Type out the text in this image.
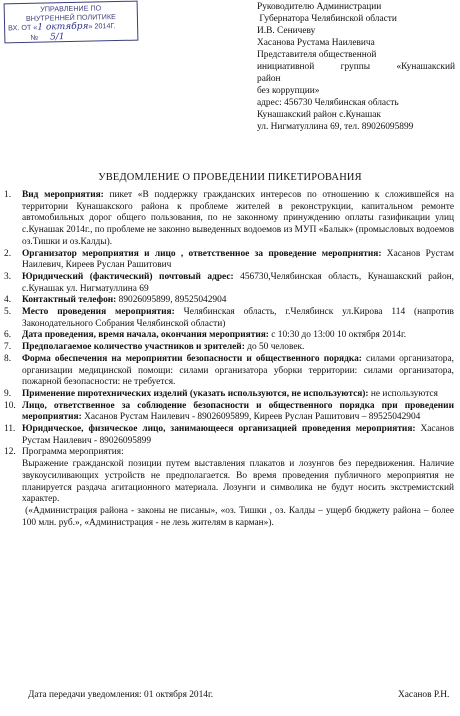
УПРАВЛЕНИЕ ПО
ВНУТРЕННЕЙ ПОЛИТИКЕ
ВХ. ОТ «1 октября» 2014Г.
№ 5/1
Руководителю Администрации
Губернатора Челябинской области
И.В. Сеничеву
Хасанова Рустама Наилевича
Представителя общественной
инициативной группы «Кунашакский
район
без коррупции»
адрес: 456730 Челябинская область
Кунашакский район с.Кунашак
ул. Нигматуллина 69, тел. 89026095899
УВЕДОМЛЕНИЕ О ПРОВЕДЕНИИ ПИКЕТИРОВАНИЯ
1. Вид мероприятия: пикет «В поддержку гражданских интересов по отношению к сложившейся на территории Кунашакского района к проблеме жителей в реконструкции, капитальном ремонте автомобильных дорог общего пользования, по не законному принуждению оплаты газификации улиц с.Кунашак 2014г., по проблеме не законно выведенных водоемов из МУП «Балык» (промысловых водоемов оз.Тишки и оз.Калды).
2. Организатор мероприятия и лицо , ответственное за проведение мероприятия: Хасанов Рустам Наилевич, Киреев Руслан Рашитович
3. Юридический (фактический) почтовый адрес: 456730,Челябинская область, Кунашакский район, с.Кунашак ул. Нигматуллина 69
4. Контактный телефон: 89026095899, 89525042904
5. Место проведения мероприятия: Челябинская область, г.Челябинск ул.Кирова 114 (напротив Законодательного Собрания Челябинской области)
6. Дата проведения, время начала, окончания мероприятия: с 10:30 до 13:00 10 октября 2014г.
7. Предполагаемое количество участников и зрителей: до 50 человек.
8. Форма обеспечения на мероприятии безопасности и общественного порядка: силами организатора, организации медицинской помощи: силами организатора уборки территории: силами организатора, пожарной безопасности: не требуется.
9. Применение пиротехнических изделий (указать используются, не используются): не используются
10. Лицо, ответственное за соблюдение безопасности и общественного порядка при проведении мероприятия: Хасанов Рустам Наилевич - 89026095899, Киреев Руслан Рашитович – 89525042904
11. Юридическое, физическое лицо, занимающееся организацией проведения мероприятия: Хасанов Рустам Наилевич - 89026095899
12. Программа мероприятия:
Выражение гражданской позиции путем выставления плакатов и лозунгов без передвижения. Наличие звукоусиливающих устройств не предполагается. Во время проведения публичного мероприятия не планируется раздача агитационного материала. Лозунги и символика не будут носить экстремистский характер.
(«Администрация района - законы не писаны», «оз. Тишки , оз. Калды – ущерб бюджету района – более 100 млн. руб.», «Администрация - не лезь жителям в карман»).
Дата передачи уведомления: 01 октября 2014г.	Хасанов Р.Н.
